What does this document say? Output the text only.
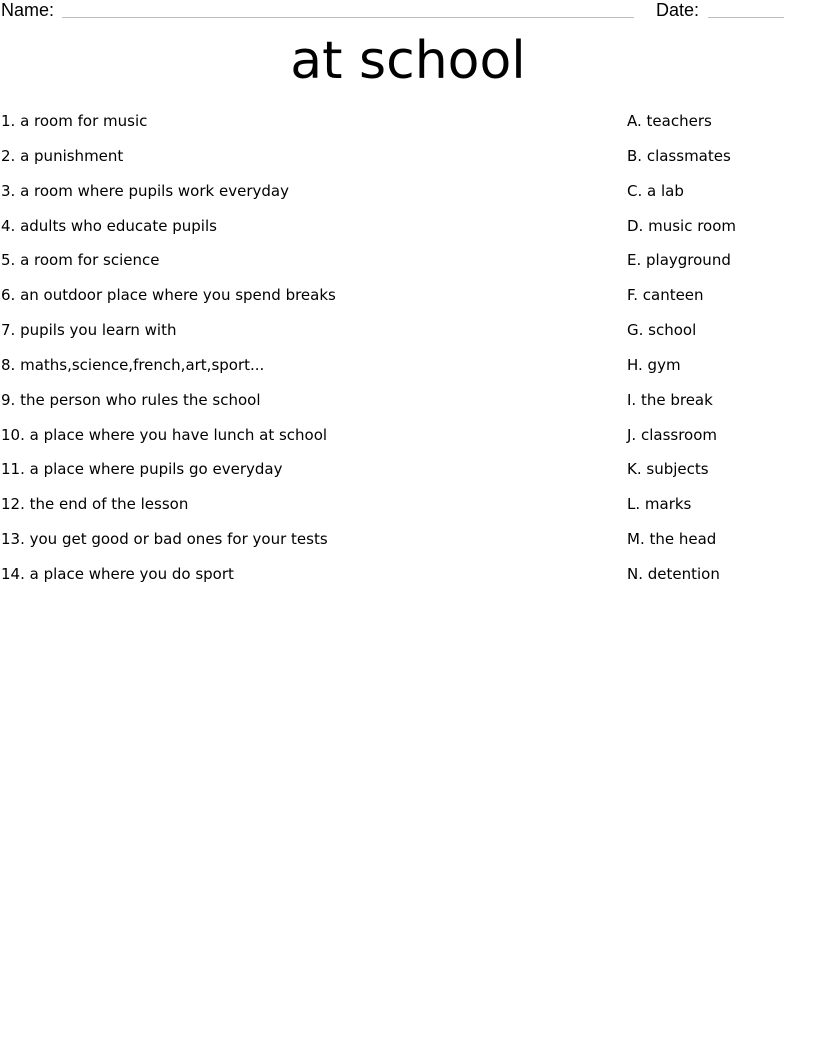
Name:	Date:
at school
1. a room for music	A. teachers
2. a punishment	B. classmates
3. a room where pupils work everyday	C. a lab
4. adults who educate pupils	D. music room
5. a room for science	E. playground
6. an outdoor place where you spend breaks	F. canteen
7. pupils you learn with	G. school
8. maths,science,french,art,sport...	H. gym
9. the person who rules the school	I. the break
10. a place where you have lunch at school	J. classroom
11. a place where pupils go everyday	K. subjects
12. the end of the lesson	L. marks
13. you get good or bad ones for your tests	M. the head
14. a place where you do sport	N. detention
